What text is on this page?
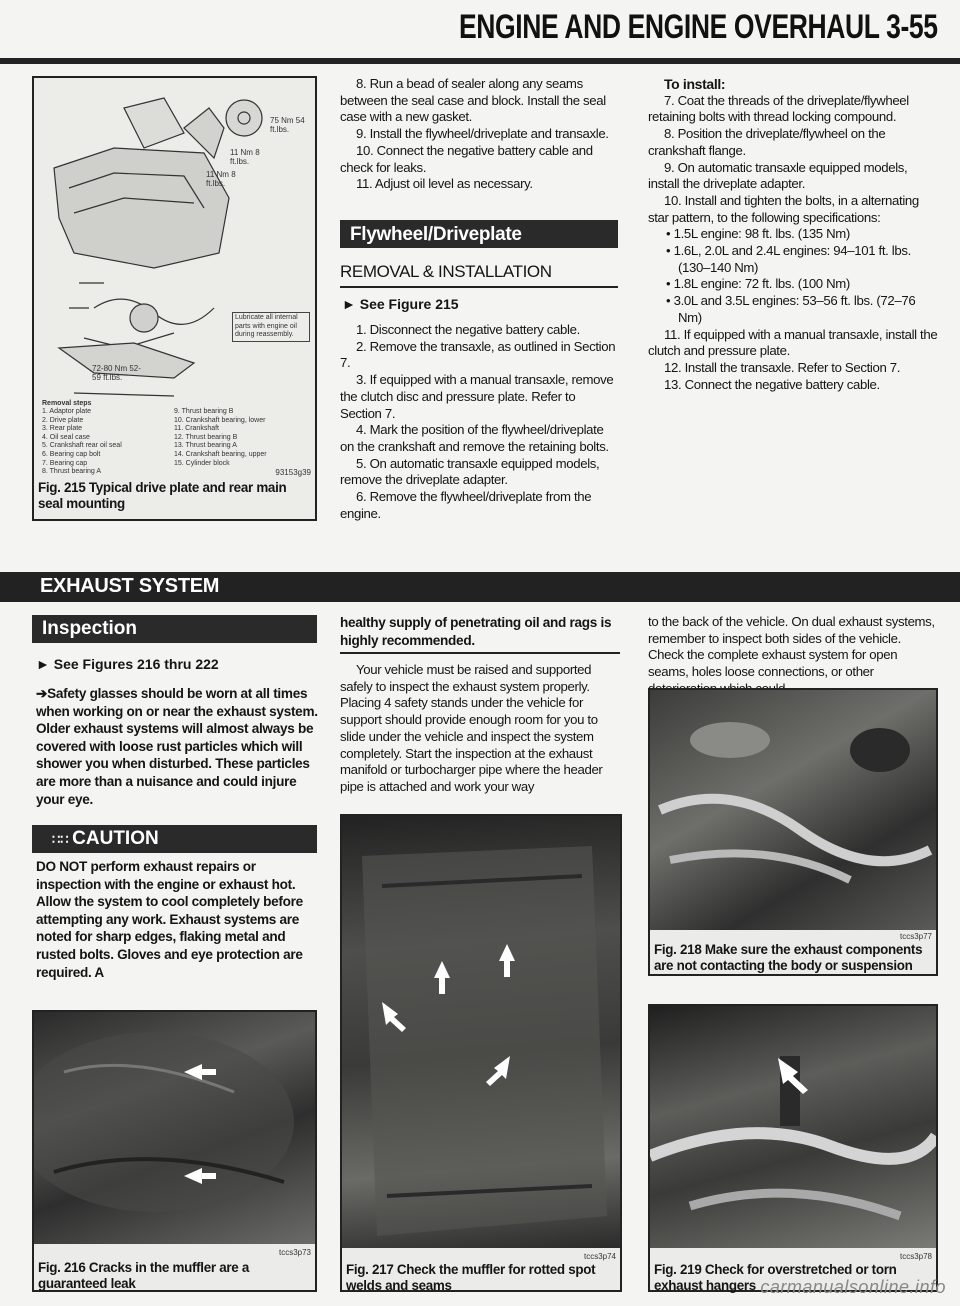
ENGINE AND ENGINE OVERHAUL 3-55
75 Nm 54 ft.lbs.
11 Nm 8 ft.lbs.
11 Nm 8 ft.lbs.
72-80 Nm 52-59 ft.lbs.
Lubricate all internal parts with engine oil during reassembly.
Removal steps
1. Adaptor plate
2. Drive plate
3. Rear plate
4. Oil seal case
5. Crankshaft rear oil seal
6. Bearing cap bolt
7. Bearing cap
8. Thrust bearing A
9. Thrust bearing B
10. Crankshaft bearing, lower
11. Crankshaft
12. Thrust bearing B
13. Thrust bearing A
14. Crankshaft bearing, upper
15. Cylinder block
93153g39
Fig. 215 Typical drive plate and rear main seal mounting

8. Run a bead of sealer along any seams between the seal case and block. Install the seal case with a new gasket.

9. Install the flywheel/driveplate and transaxle.

10. Connect the negative battery cable and check for leaks.

11. Adjust oil level as necessary.

Flywheel/Driveplate
REMOVAL & INSTALLATION
► See Figure 215

1. Disconnect the negative battery cable.

2. Remove the transaxle, as outlined in Section 7.

3. If equipped with a manual transaxle, remove the clutch disc and pressure plate. Refer to Section 7.

4. Mark the position of the flywheel/driveplate on the crankshaft and remove the retaining bolts.

5. On automatic transaxle equipped models, remove the driveplate adapter.

6. Remove the flywheel/driveplate from the engine.

To install:

7. Coat the threads of the driveplate/flywheel retaining bolts with thread locking compound.

8. Position the driveplate/flywheel on the crankshaft flange.

9. On automatic transaxle equipped models, install the driveplate adapter.

10. Install and tighten the bolts, in a alternating star pattern, to the following specifications:

• 1.5L engine: 98 ft. lbs. (135 Nm)

• 1.6L, 2.0L and 2.4L engines: 94–101 ft. lbs. (130–140 Nm)

• 1.8L engine: 72 ft. lbs. (100 Nm)

• 3.0L and 3.5L engines: 53–56 ft. lbs. (72–76 Nm)

11. If equipped with a manual transaxle, install the clutch and pressure plate.

12. Install the transaxle. Refer to Section 7.

13. Connect the negative battery cable.

EXHAUST SYSTEM
Inspection
► See Figures 216 thru 222
➔Safety glasses should be worn at all times when working on or near the exhaust system. Older exhaust systems will almost always be covered with loose rust particles which will shower you when disturbed. These particles are more than a nuisance and could injure your eye.
∷∷ CAUTION
DO NOT perform exhaust repairs or inspection with the engine or exhaust hot. Allow the system to cool completely before attempting any work. Exhaust systems are noted for sharp edges, flaking metal and rusted bolts. Gloves and eye protection are required. A
healthy supply of penetrating oil and rags is highly recommended.

Your vehicle must be raised and supported safely to inspect the exhaust system properly. Placing 4 safety stands under the vehicle for support should provide enough room for you to slide under the vehicle and inspect the system completely. Start the inspection at the exhaust manifold or turbocharger pipe where the header pipe is attached and work your way

to the back of the vehicle. On dual exhaust systems, remember to inspect both sides of the vehicle. Check the complete exhaust system for open seams, holes loose connections, or other

tccs3p73
Fig. 216 Cracks in the muffler are a guaranteed leak
tccs3p74
Fig. 217 Check the muffler for rotted spot welds and seams
tccs3p77
Fig. 218 Make sure the exhaust components are not contacting the body or suspension
tccs3p78
Fig. 219 Check for overstretched or torn exhaust hangers carmanualsonline.info
